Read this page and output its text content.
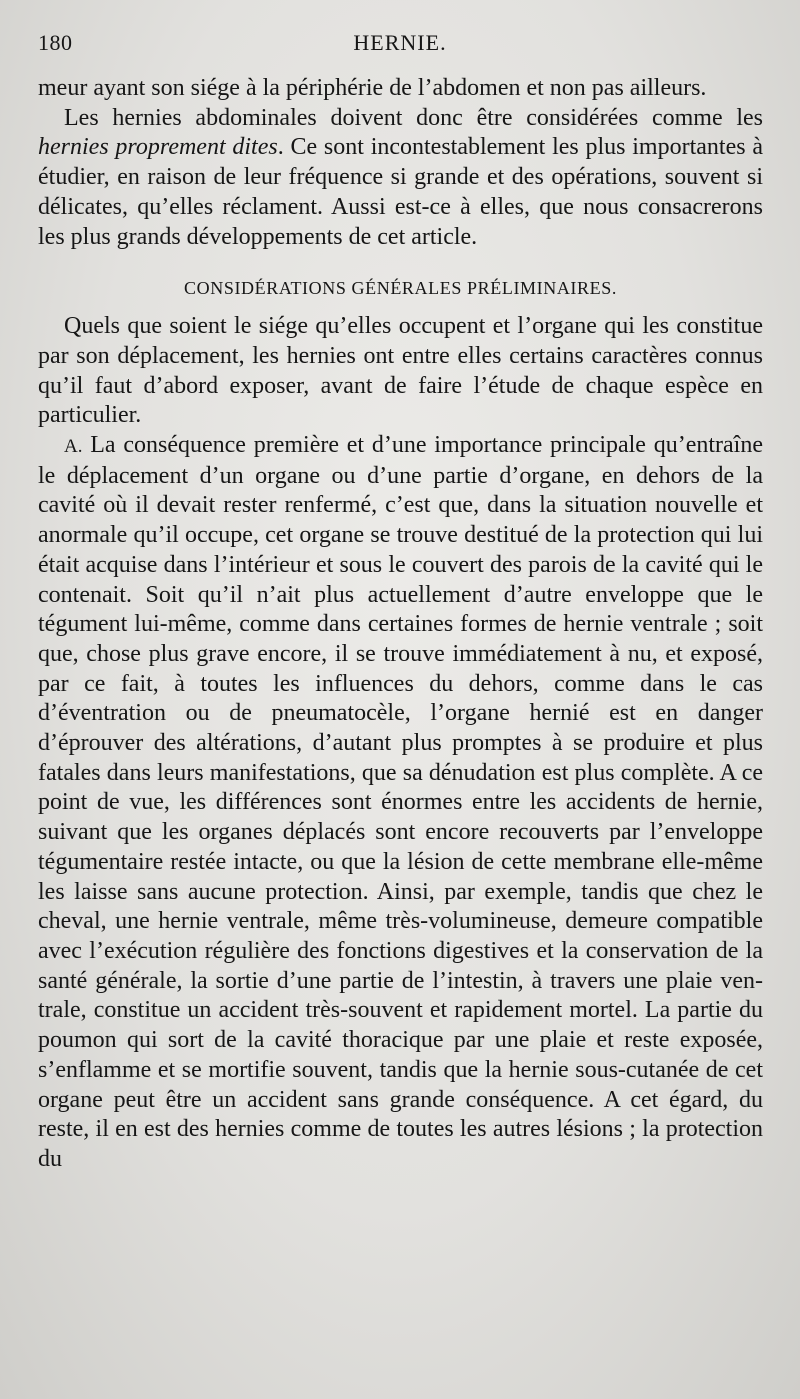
180	HERNIE.

meur ayant son siége à la périphérie de l’abdomen et non pas ailleurs.

Les hernies abdominales doivent donc être considérées comme les hernies proprement dites. Ce sont incontestablement les plus importantes à étudier, en raison de leur fréquence si grande et des opérations, souvent si délicates, qu’elles réclament. Aussi est-ce à elles, que nous consacrerons les plus grands développements de cet article.

CONSIDÉRATIONS GÉNÉRALES PRÉLIMINAIRES.

Quels que soient le siége qu’elles occupent et l’organe qui les constitue par son déplacement, les hernies ont entre elles certains caractères connus qu’il faut d’abord exposer, avant de faire l’étude de chaque espèce en particulier.

A. La conséquence première et d’une importance principale qu’entraîne le déplacement d’un organe ou d’une partie d’organe, en dehors de la cavité où il devait rester renfermé, c’est que, dans la situation nouvelle et anormale qu’il occupe, cet organe se trouve destitué de la protection qui lui était acquise dans l’intérieur et sous le couvert des parois de la cavité qui le contenait. Soit qu’il n’ait plus actuellement d’autre enveloppe que le tégument lui-même, comme dans certaines formes de hernie ventrale ; soit que, chose plus grave encore, il se trouve immédiatement à nu, et exposé, par ce fait, à toutes les influences du dehors, comme dans le cas d’éventration ou de pneumatocèle, l’organe hernié est en danger d’éprouver des altérations, d’autant plus promptes à se produire et plus fatales dans leurs manifestations, que sa dénudation est plus complète. A ce point de vue, les différences sont énormes entre les accidents de hernie, suivant que les organes déplacés sont encore recouverts par l’enveloppe tégumentaire restée intacte, ou que la lésion de cette membrane elle-même les laisse sans aucune protection. Ainsi, par exemple, tandis que chez le cheval, une hernie ventrale, même très-volumineuse, demeure compatible avec l’exécution régulière des fonctions digestives et la conservation de la santé générale, la sortie d’une partie de l’intestin, à travers une plaie ventrale, constitue un accident très-souvent et rapidement mortel. La partie du poumon qui sort de la cavité thoracique par une plaie et reste exposée, s’enflamme et se mortifie souvent, tandis que la hernie sous-cutanée de cet organe peut être un accident sans grande conséquence. A cet égard, du reste, il en est des hernies comme de toutes les autres lésions ; la protection du
